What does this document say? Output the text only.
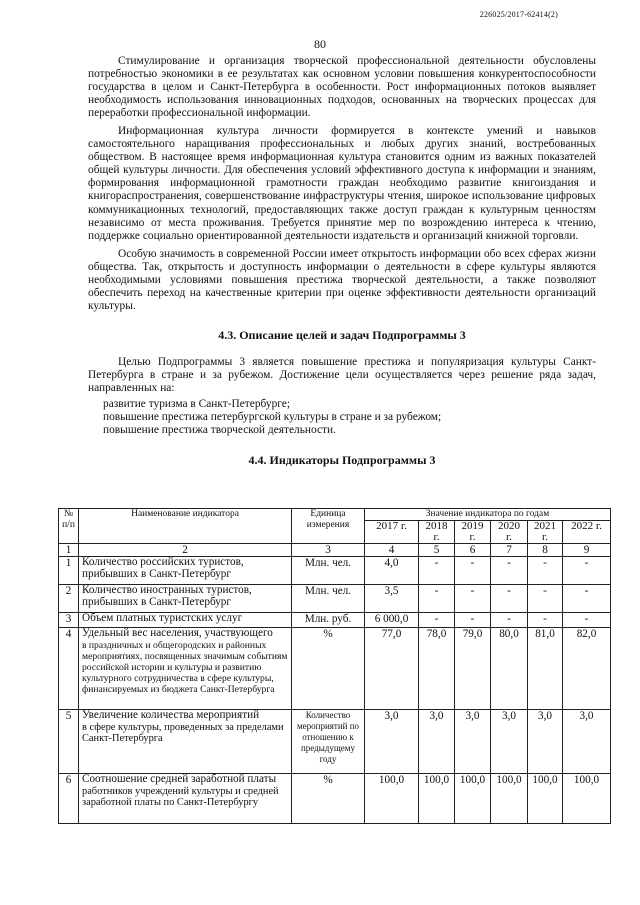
226025/2017-62414(2)
80

Стимулирование и организация творческой профессиональной деятельности обусловлены потребностью экономики в ее результатах как основном условии повышения конкурентоспособности государства в целом и Санкт-Петербурга в особенности. Рост информационных потоков выявляет необходимость использования инновационных подходов, основанных на творческих процессах для переработки профессиональной информации.

Информационная культура личности формируется в контексте умений и навыков самостоятельного наращивания профессиональных и любых других знаний, востребованных обществом. В настоящее время информационная культура становится одним из важных показателей общей культуры личности. Для обеспечения условий эффективного доступа к информации и знаниям, формирования информационной грамотности граждан необходимо развитие книгоиздания и книгораспространения, совершенствование инфраструктуры чтения, широкое использование цифровых коммуникационных технологий, предоставляющих также доступ граждан к культурным ценностям независимо от места проживания. Требуется принятие мер по возрождению интереса к чтению, поддержке социально ориентированной деятельности издательств и организаций книжной торговли.

Особую значимость в современной России имеет открытость информации обо всех сферах жизни общества. Так, открытость и доступность информации о деятельности в сфере культуры являются необходимыми условиями повышения престижа творческой деятельности, а также позволяют обеспечить переход на качественные критерии при оценке эффективности деятельности организаций культуры.

4.3. Описание целей и задач Подпрограммы 3

Целью Подпрограммы 3 является повышение престижа и популяризация культуры Санкт-Петербурга в стране и за рубежом. Достижение цели осуществляется через решение ряда задач, направленных на:

развитие туризма в Санкт-Петербурге;
повышение престижа петербургской культуры в стране и за рубежом;
повышение престижа творческой деятельности.
4.4. Индикаторы Подпрограммы 3
№ п/п	Наименование индикатора	Единица измерения	Значение индикатора по годам					
			2017 г.	2018 г.	2019 г.	2020 г.	2021 г.	2022 г.
1	2	3	4	5	6	7	8	9
1	Количество российских туристов, прибывших в Санкт-Петербург	Млн. чел.	4,0	-	-	-	-	-
2	Количество иностранных туристов, прибывших в Санкт-Петербург	Млн. чел.	3,5	-	-	-	-	-
3	Объем платных туристских услуг	Млн. руб.	6 000,0	-	-	-	-	-
4	Удельный вес населения, участвующего
в праздничных и общегородских и районных мероприятиях, посвященных значимым событиям российской истории и культуры и развитию культурного сотрудничества в сфере культуры, финансируемых из бюджета Санкт-Петербурга	%	77,0	78,0	79,0	80,0	81,0	82,0
5	Увеличение количества мероприятий
в сфере культуры, проведенных за пределами Санкт-Петербурга	Количество мероприятий по отношению к предыдущему году	3,0	3,0	3,0	3,0	3,0	3,0
6	Соотношение средней заработной платы
работников учреждений культуры и средней заработной платы по Санкт-Петербургу	%	100,0	100,0	100,0	100,0	100,0	100,0
